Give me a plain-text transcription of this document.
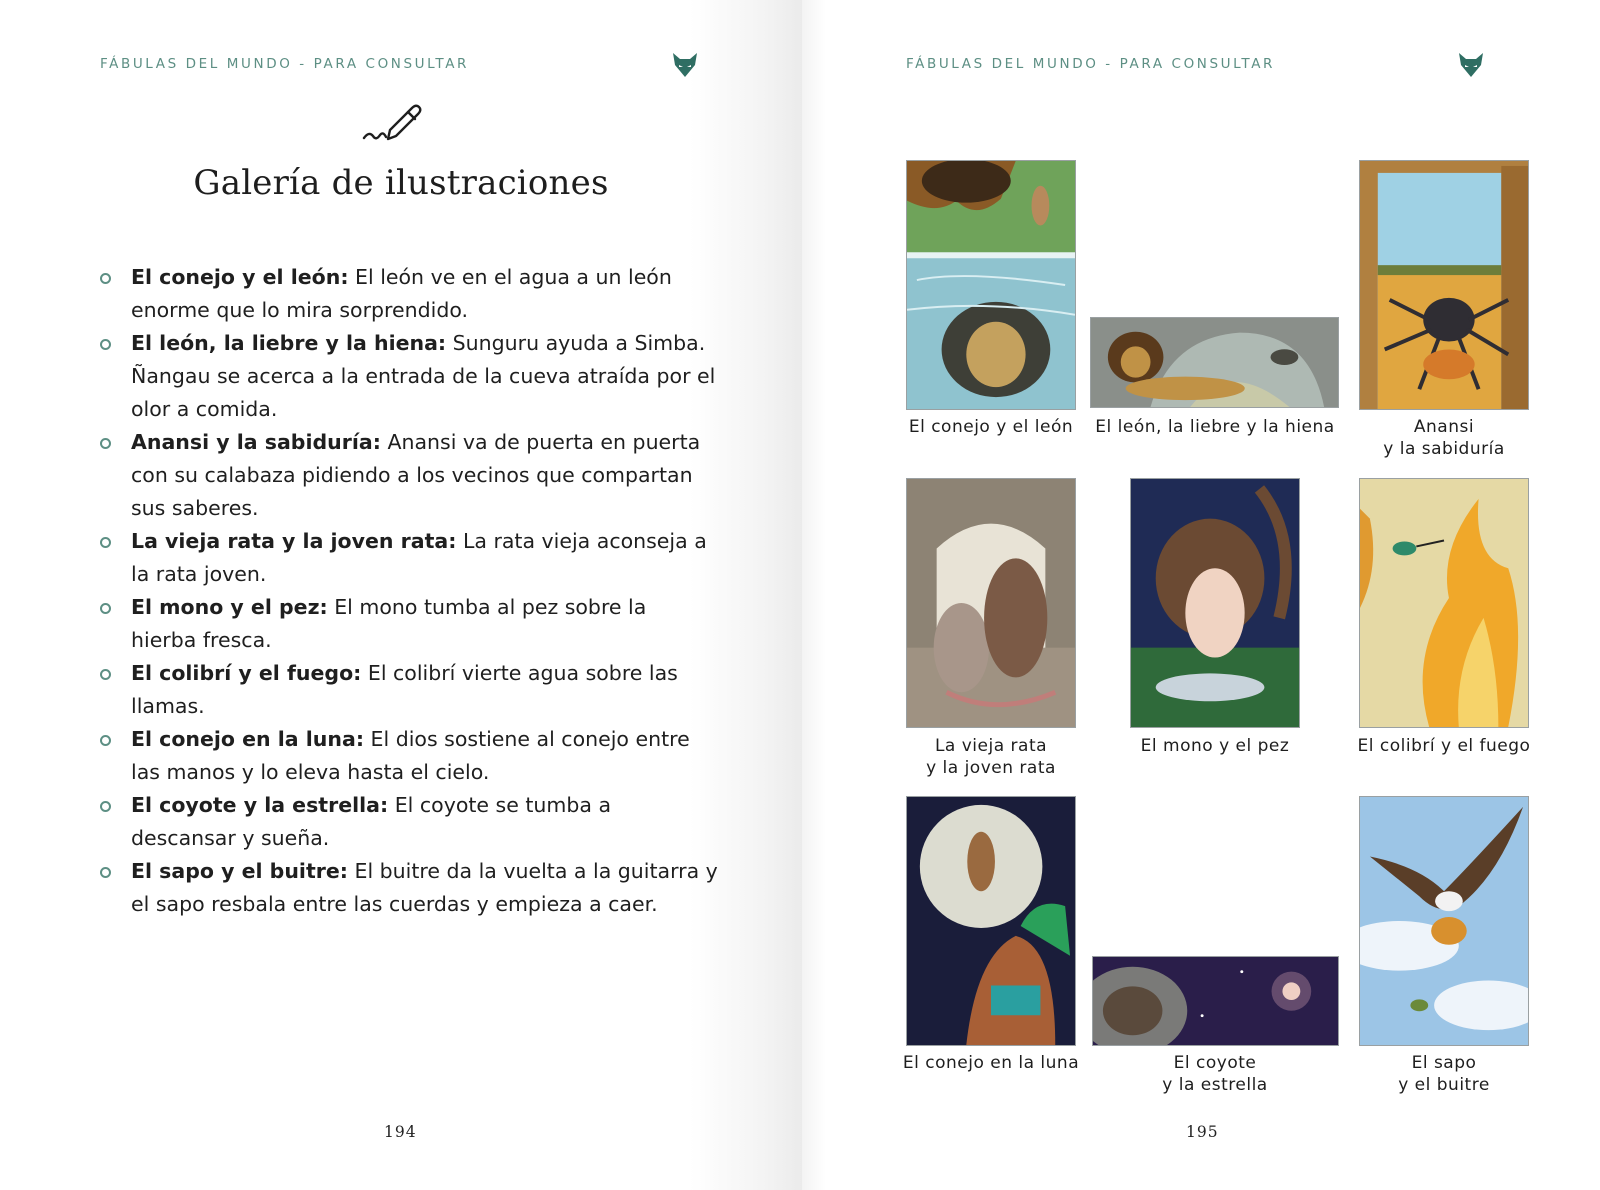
FÁBULAS DEL MUNDO - PARA CONSULTAR
Galería de ilustraciones
El conejo y el león: El león ve en el agua a un león enorme que lo mira sorprendido.
El león, la liebre y la hiena: Sunguru ayuda a Simba. Ñangau se acerca a la entrada de la cueva atraída por el olor a comida.
Anansi y la sabiduría: Anansi va de puerta en puerta con su calabaza pidiendo a los vecinos que compartan sus saberes.
La vieja rata y la joven rata: La rata vieja aconseja a la rata joven.
El mono y el pez: El mono tumba al pez sobre la hierba fresca.
El colibrí y el fuego: El colibrí vierte agua sobre las llamas.
El conejo en la luna: El dios sostiene al conejo entre las manos y lo eleva hasta el cielo.
El coyote y la estrella: El coyote se tumba a descansar y sueña.
El sapo y el buitre: El buitre da la vuelta a la guitarra y el sapo resbala entre las cuerdas y empieza a caer.
194
FÁBULAS DEL MUNDO - PARA CONSULTAR
El conejo y el león	El león, la liebre y la hiena	Anansi
y la sabiduría
La vieja rata
y la joven rata
El mono y el pez	El colibrí y el fuego
El conejo en la luna	El coyote
y la estrella
El sapo
y el buitre
195
